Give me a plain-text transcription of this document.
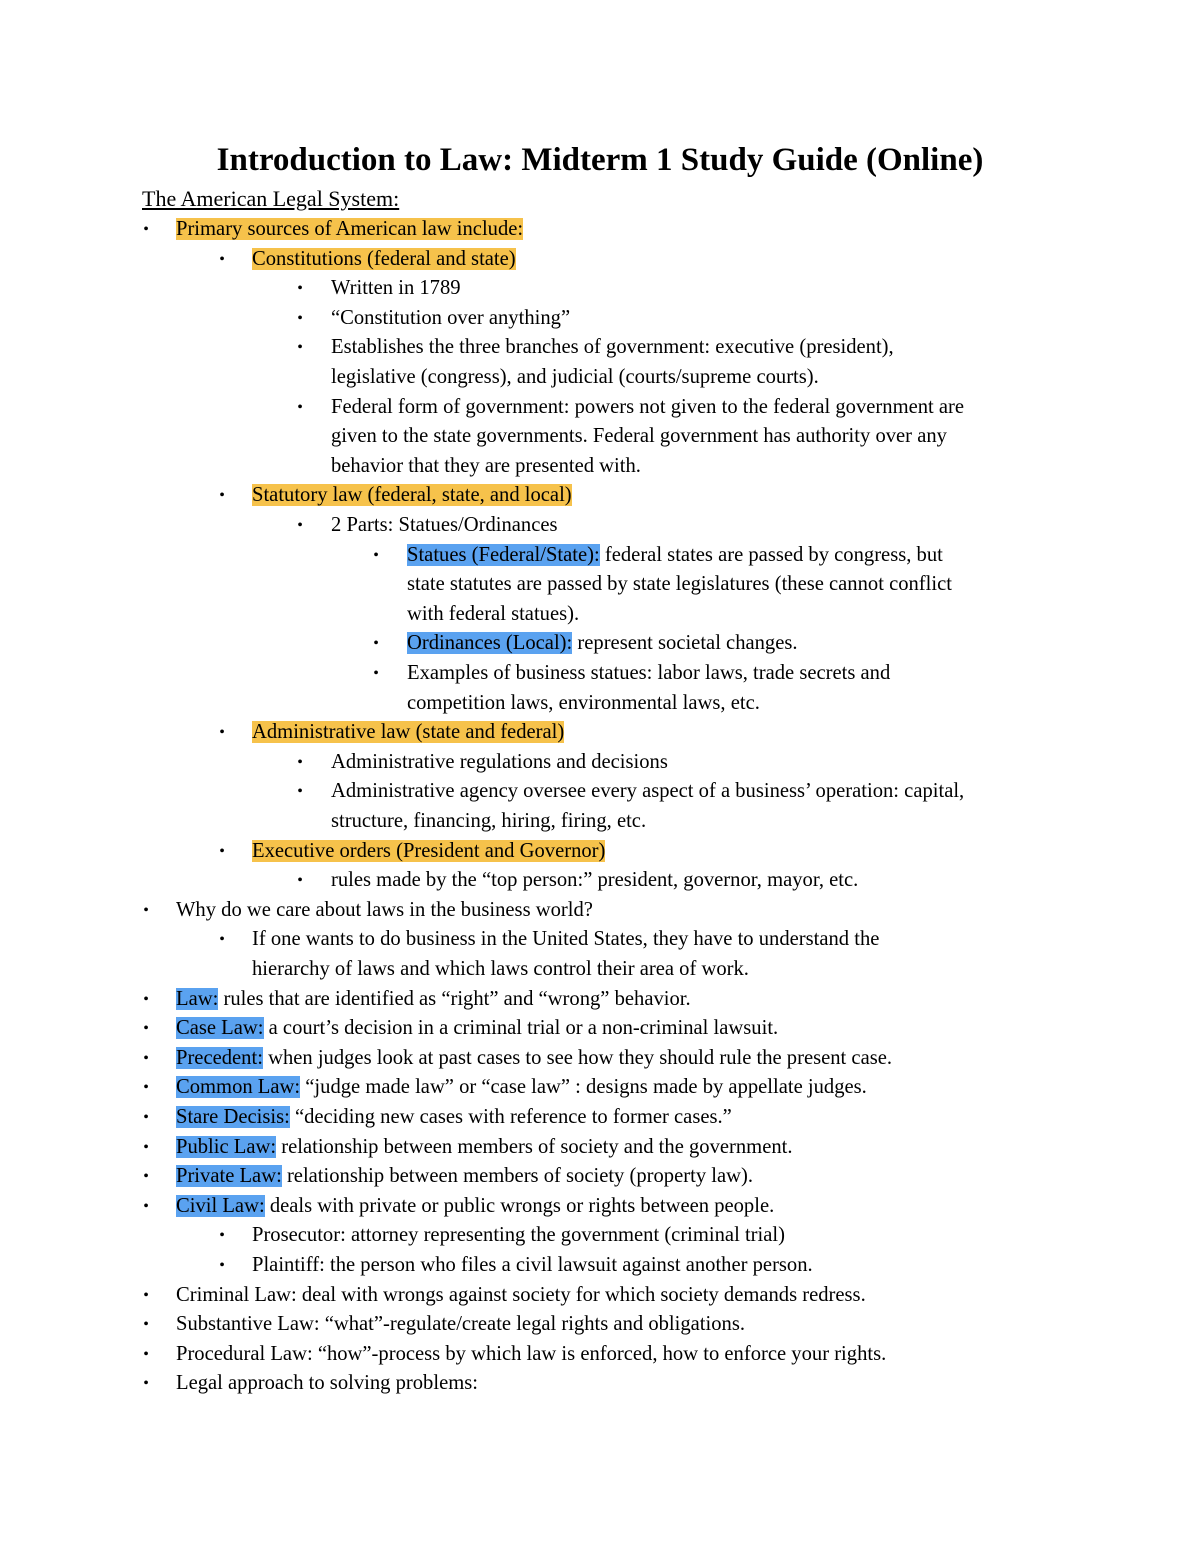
Introduction to Law: Midterm 1 Study Guide (Online)
The American Legal System:
• Primary sources of American law include:
• Constitutions (federal and state)
• Written in 1789
• “Constitution over anything”
• Establishes the three branches of government: executive (president),
legislative (congress), and judicial (courts/supreme courts).
• Federal form of government: powers not given to the federal government are
given to the state governments. Federal government has authority over any
behavior that they are presented with.
• Statutory law (federal, state, and local)
• 2 Parts: Statues/Ordinances
• Statues (Federal/State): federal states are passed by congress, but
state statutes are passed by state legislatures (these cannot conflict
with federal statues).
• Ordinances (Local): represent societal changes.
• Examples of business statues: labor laws, trade secrets and
competition laws, environmental laws, etc.
• Administrative law (state and federal)
• Administrative regulations and decisions
• Administrative agency oversee every aspect of a business’ operation: capital,
structure, financing, hiring, firing, etc.
• Executive orders (President and Governor)
• rules made by the “top person:” president, governor, mayor, etc.
• Why do we care about laws in the business world?
• If one wants to do business in the United States, they have to understand the
hierarchy of laws and which laws control their area of work.
• Law: rules that are identified as “right” and “wrong” behavior.
• Case Law: a court’s decision in a criminal trial or a non-criminal lawsuit.
• Precedent: when judges look at past cases to see how they should rule the present case.
• Common Law: “judge made law” or “case law” : designs made by appellate judges.
• Stare Decisis: “deciding new cases with reference to former cases.”
• Public Law: relationship between members of society and the government.
• Private Law: relationship between members of society (property law).
• Civil Law: deals with private or public wrongs or rights between people.
• Prosecutor: attorney representing the government (criminal trial)
• Plaintiff: the person who files a civil lawsuit against another person.
• Criminal Law: deal with wrongs against society for which society demands redress.
• Substantive Law: “what”-regulate/create legal rights and obligations.
• Procedural Law: “how”-process by which law is enforced, how to enforce your rights.
• Legal approach to solving problems:
